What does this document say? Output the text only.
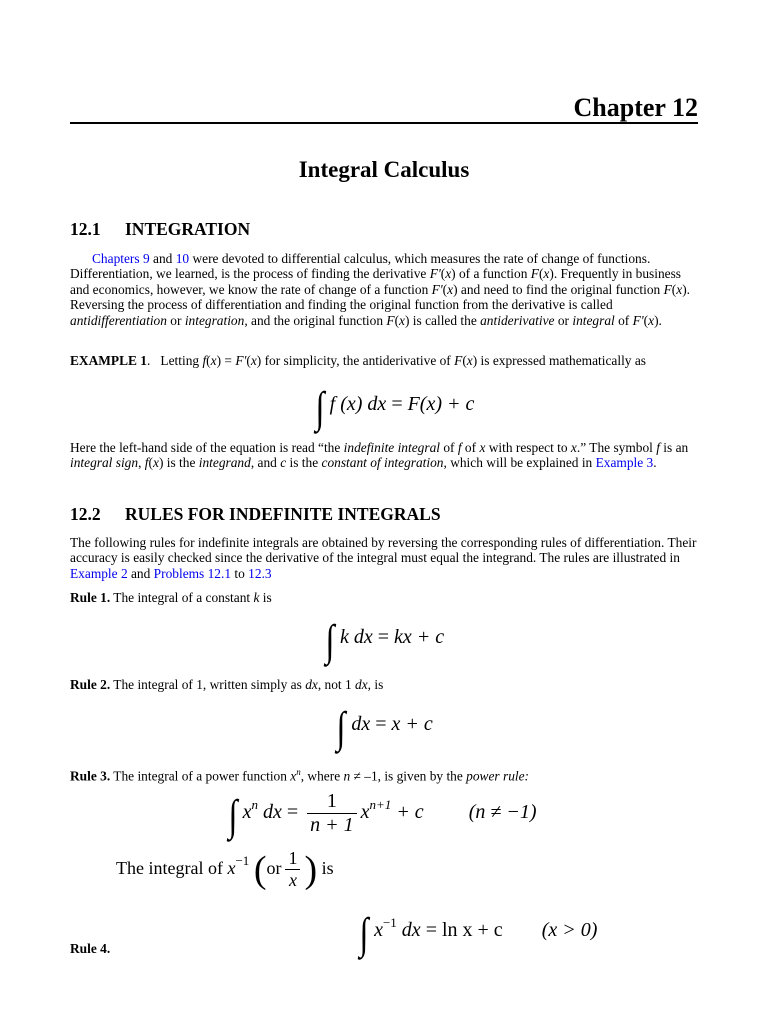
Chapter 12
Integral Calculus
12.1 INTEGRATION
Chapters 9 and 10 were devoted to differential calculus, which measures the rate of change of functions. Differentiation, we learned, is the process of finding the derivative F'(x) of a function F(x). Frequently in business and economics, however, we know the rate of change of a function F'(x) and need to find the original function F(x). Reversing the process of differentiation and finding the original function from the derivative is called antidifferentiation or integration, and the original function F(x) is called the antiderivative or integral of F'(x).
EXAMPLE 1. Letting f(x) = F'(x) for simplicity, the antiderivative of F(x) is expressed mathematically as
∫ f (x) dx = F(x) + c
Here the left-hand side of the equation is read “the indefinite integral of f of x with respect to x.” The symbol f is an integral sign, f(x) is the integrand, and c is the constant of integration, which will be explained in Example 3.
12.2 RULES FOR INDEFINITE INTEGRALS
The following rules for indefinite integrals are obtained by reversing the corresponding rules of differentiation. Their accuracy is easily checked since the derivative of the integral must equal the integrand. The rules are illustrated in Example 2 and Problems 12.1 to 12.3
Rule 1. The integral of a constant k is
∫ k dx = kx + c
Rule 2. The integral of 1, written simply as dx, not 1 dx, is
∫ dx = x + c
Rule 3. The integral of a power function $x^n$, where n ≠ –1, is given by the power rule:
∫ $x^n$ dx = $\frac{1}{n + 1} x^{n+1} + c$ (n ≠ −1)
The integral of $x^{-1}$ ($or \frac{1}{x}$ ) is
∫ $x^{-1}$ dx = ln x + c (x > 0)
Rule 4.
